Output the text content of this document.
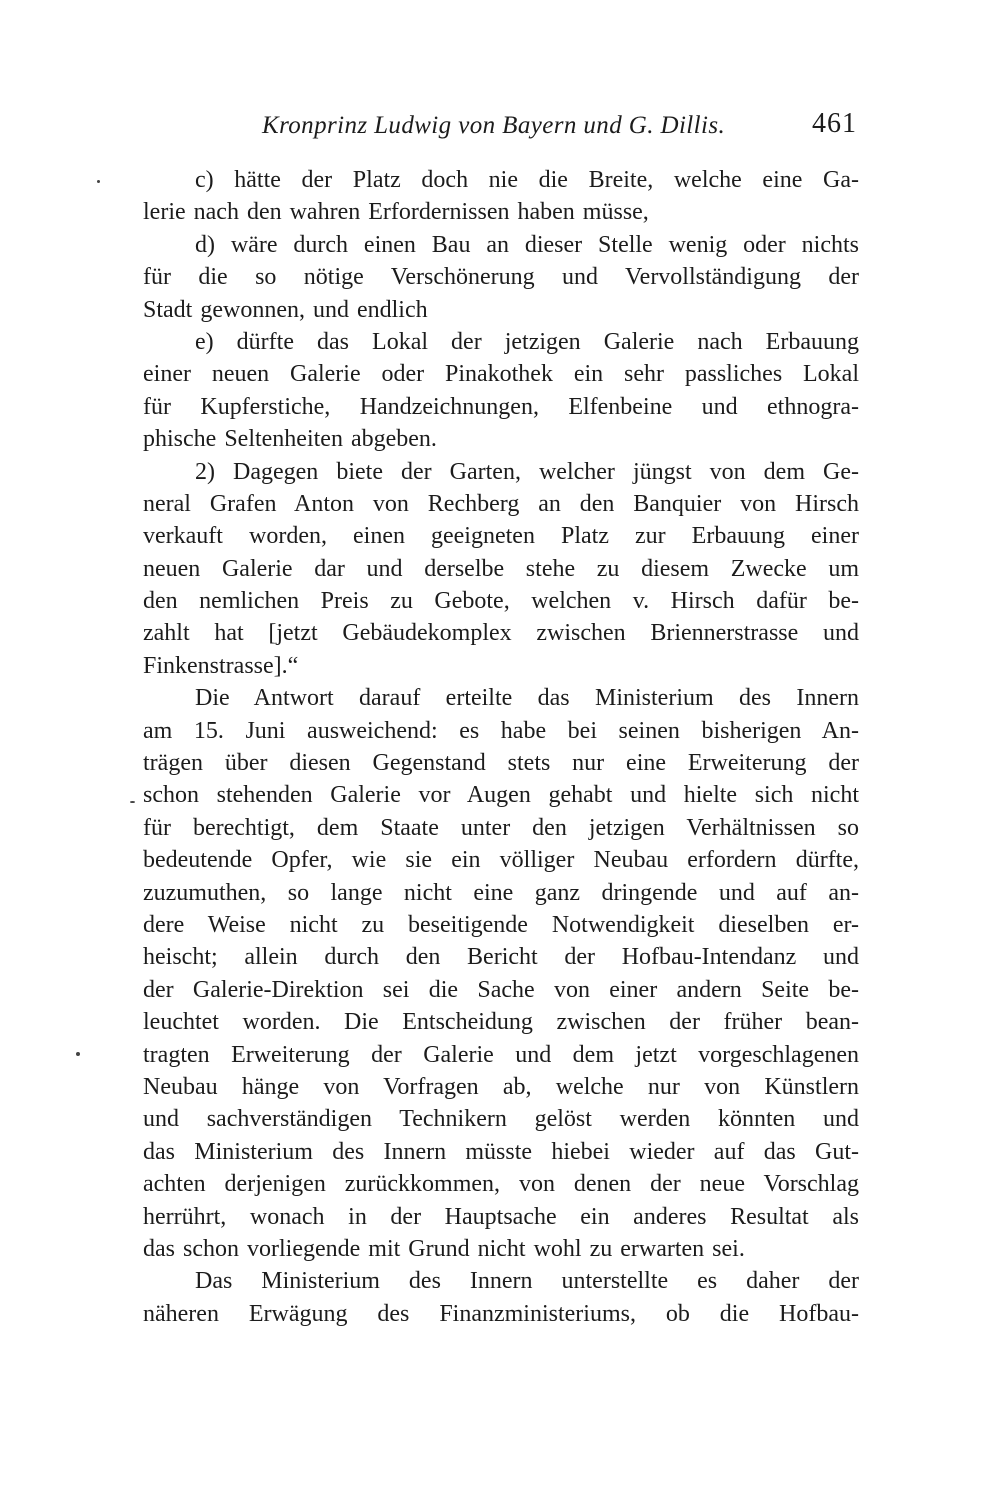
Kronprinz Ludwig von Bayern und G. Dillis.	461
c) hätte der Platz doch nie die Breite, welche eine Ga-
lerie nach den wahren Erfordernissen haben müsse,
d) wäre durch einen Bau an dieser Stelle wenig oder nichts
für die so nötige Verschönerung und Vervollständigung der
Stadt gewonnen, und endlich
e) dürfte das Lokal der jetzigen Galerie nach Erbauung
einer neuen Galerie oder Pinakothek ein sehr passliches Lokal
für Kupferstiche, Handzeichnungen, Elfenbeine und ethnogra-
phische Seltenheiten abgeben.
2) Dagegen biete der Garten, welcher jüngst von dem Ge-
neral Grafen Anton von Rechberg an den Banquier von Hirsch
verkauft worden, einen geeigneten Platz zur Erbauung einer
neuen Galerie dar und derselbe stehe zu diesem Zwecke um
den nemlichen Preis zu Gebote, welchen v. Hirsch dafür be-
zahlt hat [jetzt Gebäudekomplex zwischen Briennerstrasse und
Finkenstrasse].“
Die Antwort darauf erteilte das Ministerium des Innern
am 15. Juni ausweichend: es habe bei seinen bisherigen An-
trägen über diesen Gegenstand stets nur eine Erweiterung der
schon stehenden Galerie vor Augen gehabt und hielte sich nicht
für berechtigt, dem Staate unter den jetzigen Verhältnissen so
bedeutende Opfer, wie sie ein völliger Neubau erfordern dürfte,
zuzumuthen, so lange nicht eine ganz dringende und auf an-
dere Weise nicht zu beseitigende Notwendigkeit dieselben er-
heischt; allein durch den Bericht der Hofbau-Intendanz und
der Galerie-Direktion sei die Sache von einer andern Seite be-
leuchtet worden. Die Entscheidung zwischen der früher bean-
tragten Erweiterung der Galerie und dem jetzt vorgeschlagenen
Neubau hänge von Vorfragen ab, welche nur von Künstlern
und sachverständigen Technikern gelöst werden könnten und
das Ministerium des Innern müsste hiebei wieder auf das Gut-
achten derjenigen zurückkommen, von denen der neue Vorschlag
herrührt, wonach in der Hauptsache ein anderes Resultat als
das schon vorliegende mit Grund nicht wohl zu erwarten sei.
Das Ministerium des Innern unterstellte es daher der
näheren Erwägung des Finanzministeriums, ob die Hofbau-
